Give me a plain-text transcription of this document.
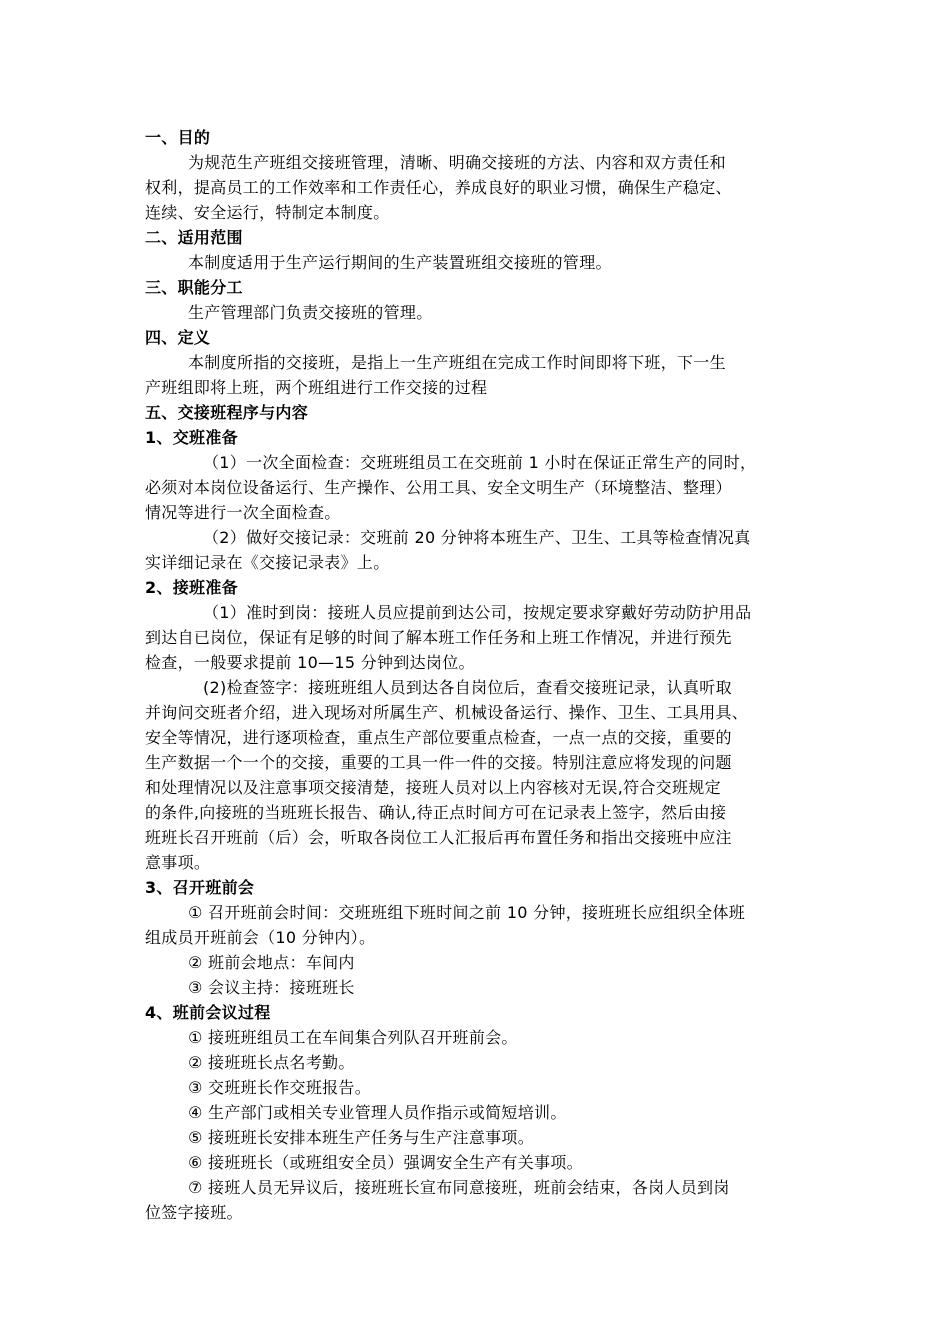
一、目的
为规范生产班组交接班管理，清晰、明确交接班的方法、内容和双方责任和
权利，提高员工的工作效率和工作责任心，养成良好的职业习惯，确保生产稳定、
连续、安全运行，特制定本制度。
二、适用范围
本制度适用于生产运行期间的生产装置班组交接班的管理。
三、职能分工
生产管理部门负责交接班的管理。
四、定义
本制度所指的交接班，是指上一生产班组在完成工作时间即将下班，下一生
产班组即将上班，两个班组进行工作交接的过程
五、交接班程序与内容
1、交班准备
（1）一次全面检查：交班班组员工在交班前 1 小时在保证正常生产的同时，
必须对本岗位设备运行、生产操作、公用工具、安全文明生产（环境整洁、整理）
情况等进行一次全面检查。
（2）做好交接记录：交班前 20 分钟将本班生产、卫生、工具等检查情况真
实详细记录在《交接记录表》上。
2、接班准备
（1）准时到岗：接班人员应提前到达公司，按规定要求穿戴好劳动防护用品
到达自已岗位，保证有足够的时间了解本班工作任务和上班工作情况，并进行预先
检查，一般要求提前 10—15 分钟到达岗位。
(2)检查签字：接班班组人员到达各自岗位后，查看交接班记录，认真听取
并询问交班者介绍，进入现场对所属生产、机械设备运行、操作、卫生、工具用具、
安全等情况，进行逐项检查，重点生产部位要重点检查，一点一点的交接，重要的
生产数据一个一个的交接，重要的工具一件一件的交接。特别注意应将发现的问题
和处理情况以及注意事项交接清楚，接班人员对以上内容核对无误,符合交班规定
的条件,向接班的当班班长报告、确认,待正点时间方可在记录表上签字，然后由接
班班长召开班前（后）会，听取各岗位工人汇报后再布置任务和指出交接班中应注
意事项。
3、召开班前会
① 召开班前会时间：交班班组下班时间之前 10 分钟，接班班长应组织全体班
组成员开班前会（10 分钟内）。
② 班前会地点：车间内
③ 会议主持：接班班长
4、班前会议过程
① 接班班组员工在车间集合列队召开班前会。
② 接班班长点名考勤。
③ 交班班长作交班报告。
④ 生产部门或相关专业管理人员作指示或简短培训。
⑤ 接班班长安排本班生产任务与生产注意事项。
⑥ 接班班长（或班组安全员）强调安全生产有关事项。
⑦ 接班人员无异议后，接班班长宣布同意接班，班前会结束，各岗人员到岗
位签字接班。
